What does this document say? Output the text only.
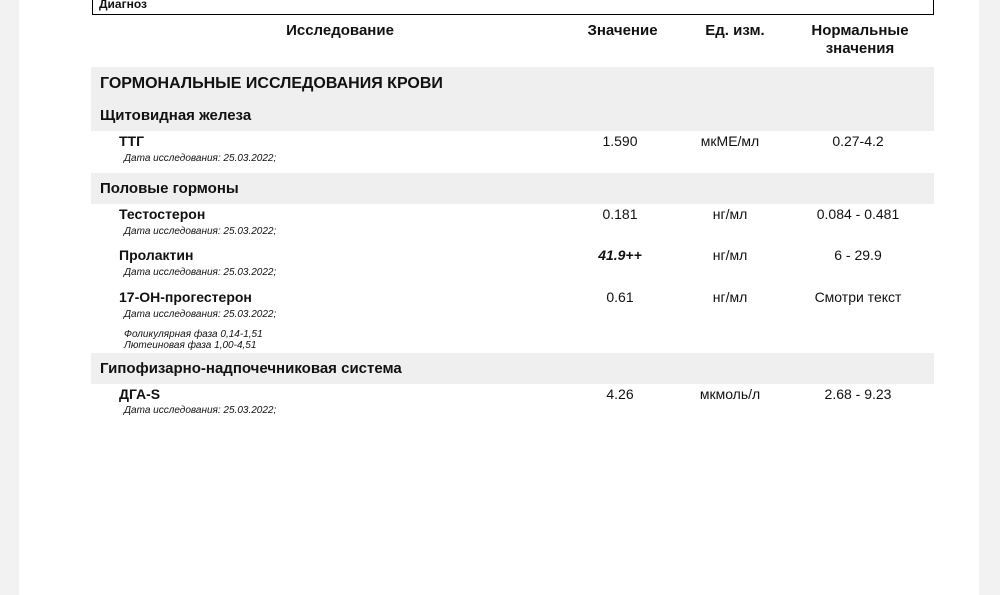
Диагноз
Исследование	Значение	Ед. изм.	Нормальные значения
ГОРМОНАЛЬНЫЕ ИССЛЕДОВАНИЯ КРОВИ
Щитовидная железа
ТТГ	1.590	мкМЕ/мл	0.27-4.2
Дата исследования: 25.03.2022;
Половые гормоны
Тестостерон	0.181	нг/мл	0.084 - 0.481
Дата исследования: 25.03.2022;
Пролактин	41.9++	нг/мл	6 - 29.9
Дата исследования: 25.03.2022;
17-ОН-прогестерон	0.61	нг/мл	Смотри текст
Дата исследования: 25.03.2022;
Фоликулярная фаза 0,14-1,51
Лютеиновая фаза 1,00-4,51
Гипофизарно-надпочечниковая система
ДГА-S	4.26	мкмоль/л	2.68 - 9.23
Дата исследования: 25.03.2022;
